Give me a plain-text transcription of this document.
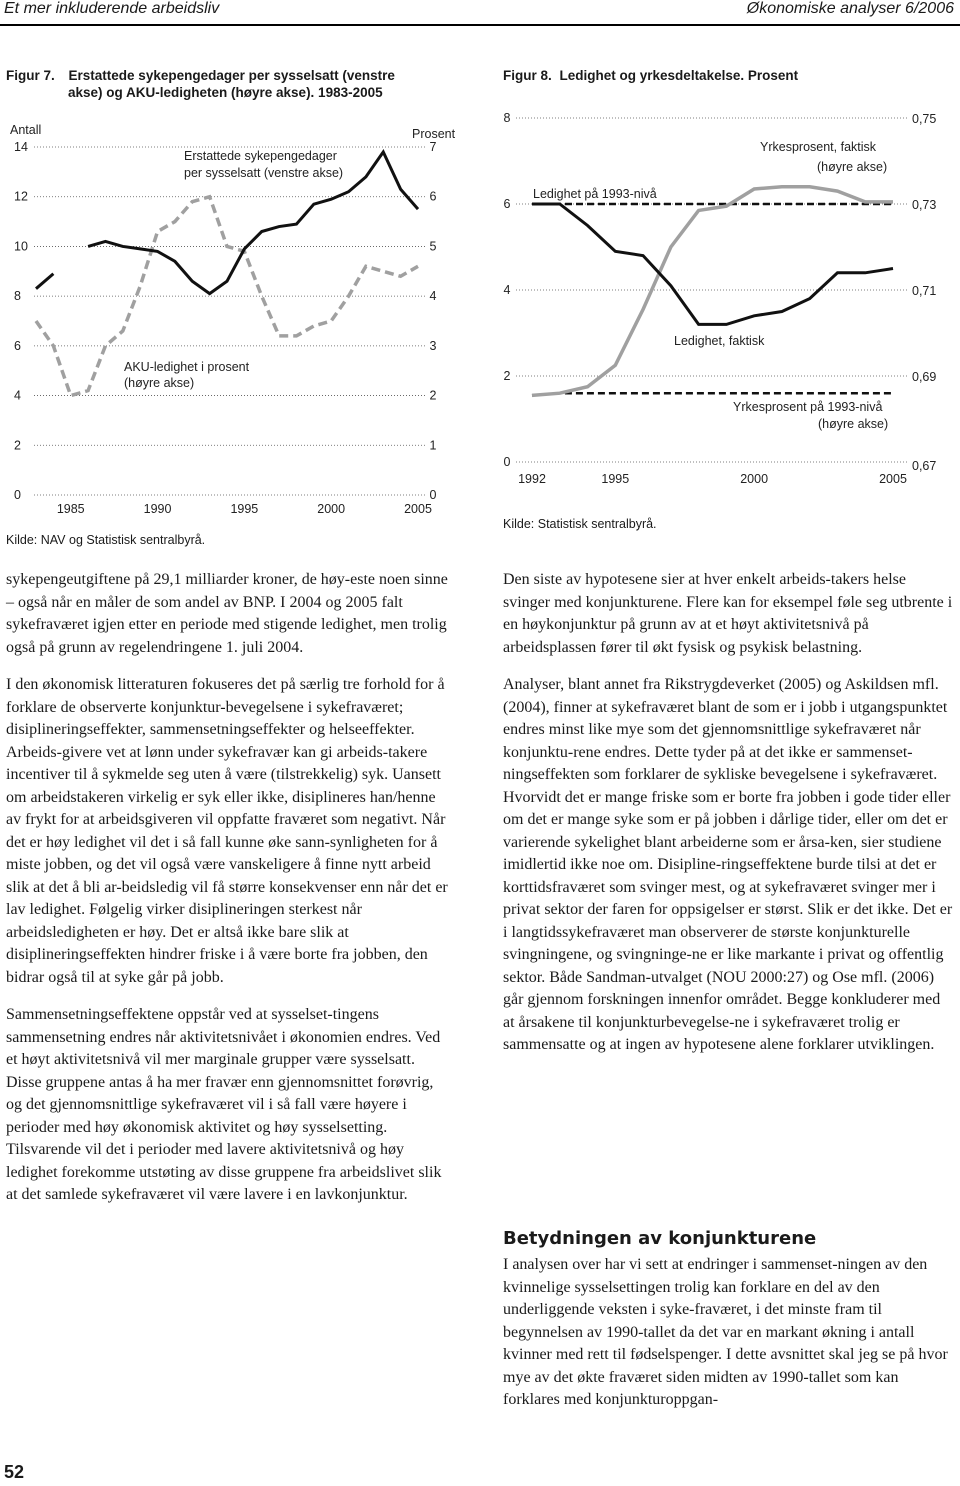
Et mer inkluderende arbeidsliv	Økonomiske analyser 6/2006
Figur 7. Erstattede sykepengedager per sysselsatt (venstre
akse) og AKU-ledigheten (høyre akse). 1983-2005
Antall	Prosent
0
2
4
6
8
10
12
14
0
1
2
3
4
5
6
7
1985	1990	1995	2000	2005
Erstattede sykepengedager
per sysselsatt (venstre akse)
AKU-ledighet i prosent
(høyre akse)
Kilde: NAV og Statistisk sentralbyrå.
Figur 8. Ledighet og yrkesdeltakelse. Prosent
0
2
4
6
8
0,67
0,69
0,71
0,73
0,75
1992	1995	2000	2005
Ledighet på 1993-nivå
Yrkesprosent, faktisk
(høyre akse)
Ledighet, faktisk
Yrkesprosent på 1993-nivå
(høyre akse)
Kilde: Statistisk sentralbyrå.

sykepengeutgiftene på 29,1 milliarder kroner, de høy-este noen sinne – også når en måler de som andel av BNP. I 2004 og 2005 falt sykefraværet igjen etter en periode med stigende ledighet, men trolig også på grunn av regelendringene 1. juli 2004.

I den økonomisk litteraturen fokuseres det på særlig tre forhold for å forklare de observerte konjunktur-bevegelsene i sykefraværet; disiplineringseffekter, sammensetningseffekter og helseeffekter. Arbeids-givere vet at lønn under sykefravær kan gi arbeids-takere incentiver til å sykmelde seg uten å være (tilstrekkelig) syk. Uansett om arbeidstakeren virkelig er syk eller ikke, disiplineres han/henne av frykt for at arbeidsgiveren vil oppfatte fraværet som negativt. Når det er høy ledighet vil det i så fall kunne øke sann-synligheten for å miste jobben, og det vil også være vanskeligere å finne nytt arbeid slik at det å bli ar-beidsledig vil få større konsekvenser enn når det er lav ledighet. Følgelig virker disiplineringen sterkest når arbeidsledigheten er høy. Det er altså ikke bare slik at disiplineringseffekten hindrer friske i å være borte fra jobben, den bidrar også til at syke går på jobb.

Sammensetningseffektene oppstår ved at sysselset-tingens sammensetning endres når aktivitetsnivået i økonomien endres. Ved et høyt aktivitetsnivå vil mer marginale grupper være sysselsatt. Disse gruppene antas å ha mer fravær enn gjennomsnittet forøvrig, og det gjennomsnittlige sykefraværet vil i så fall være høyere i perioder med høy økonomisk aktivitet og høy sysselsetting. Tilsvarende vil det i perioder med lavere aktivitetsnivå og høy ledighet forekomme utstøting av disse gruppene fra arbeidslivet slik at det samlede sykefraværet vil være lavere i en lavkonjunktur.

Den siste av hypotesene sier at hver enkelt arbeids-takers helse svinger med konjunkturene. Flere kan for eksempel føle seg utbrente i en høykonjunktur på grunn av at et høyt aktivitetsnivå på arbeidsplassen fører til økt fysisk og psykisk belastning.

Analyser, blant annet fra Rikstrygdeverket (2005) og Askildsen mfl. (2004), finner at sykefraværet blant de som er i jobb i utgangspunktet endres minst like mye som det gjennomsnittlige sykefraværet når konjunktu-rene endres. Dette tyder på at det ikke er sammenset-ningseffekten som forklarer de sykliske bevegelsene i sykefraværet. Hvorvidt det er mange friske som er borte fra jobben i gode tider eller om det er mange syke som er på jobben i dårlige tider, eller om det er varierende sykelighet blant arbeiderne som er årsa-ken, sier studiene imidlertid ikke noe om. Disipline-ringseffektene burde tilsi at det er korttidsfraværet som svinger mest, og at sykefraværet svinger mer i privat sektor der faren for oppsigelser er størst. Slik er det ikke. Det er i langtidssykefraværet man observerer de største konjunkturelle svingningene, og svingninge-ne er like markante i privat og offentlig sektor. Både Sandman-utvalget (NOU 2000:27) og Ose mfl. (2006) går gjennom forskningen innenfor området. Begge konkluderer med at årsakene til konjunkturbevegelse-ne i sykefraværet trolig er sammensatte og at ingen av hypotesene alene forklarer utviklingen.

Betydningen av konjunkturene

I analysen over har vi sett at endringer i sammenset-ningen av den kvinnelige sysselsettingen trolig kan forklare en del av den underliggende veksten i syke-fraværet, i det minste fram til begynnelsen av 1990-tallet da det var en markant økning i antall kvinner med rett til fødselspenger. I dette avsnittet skal jeg se på hvor mye av det økte fraværet siden midten av 1990-tallet som kan forklares med konjunkturoppgan-

52
